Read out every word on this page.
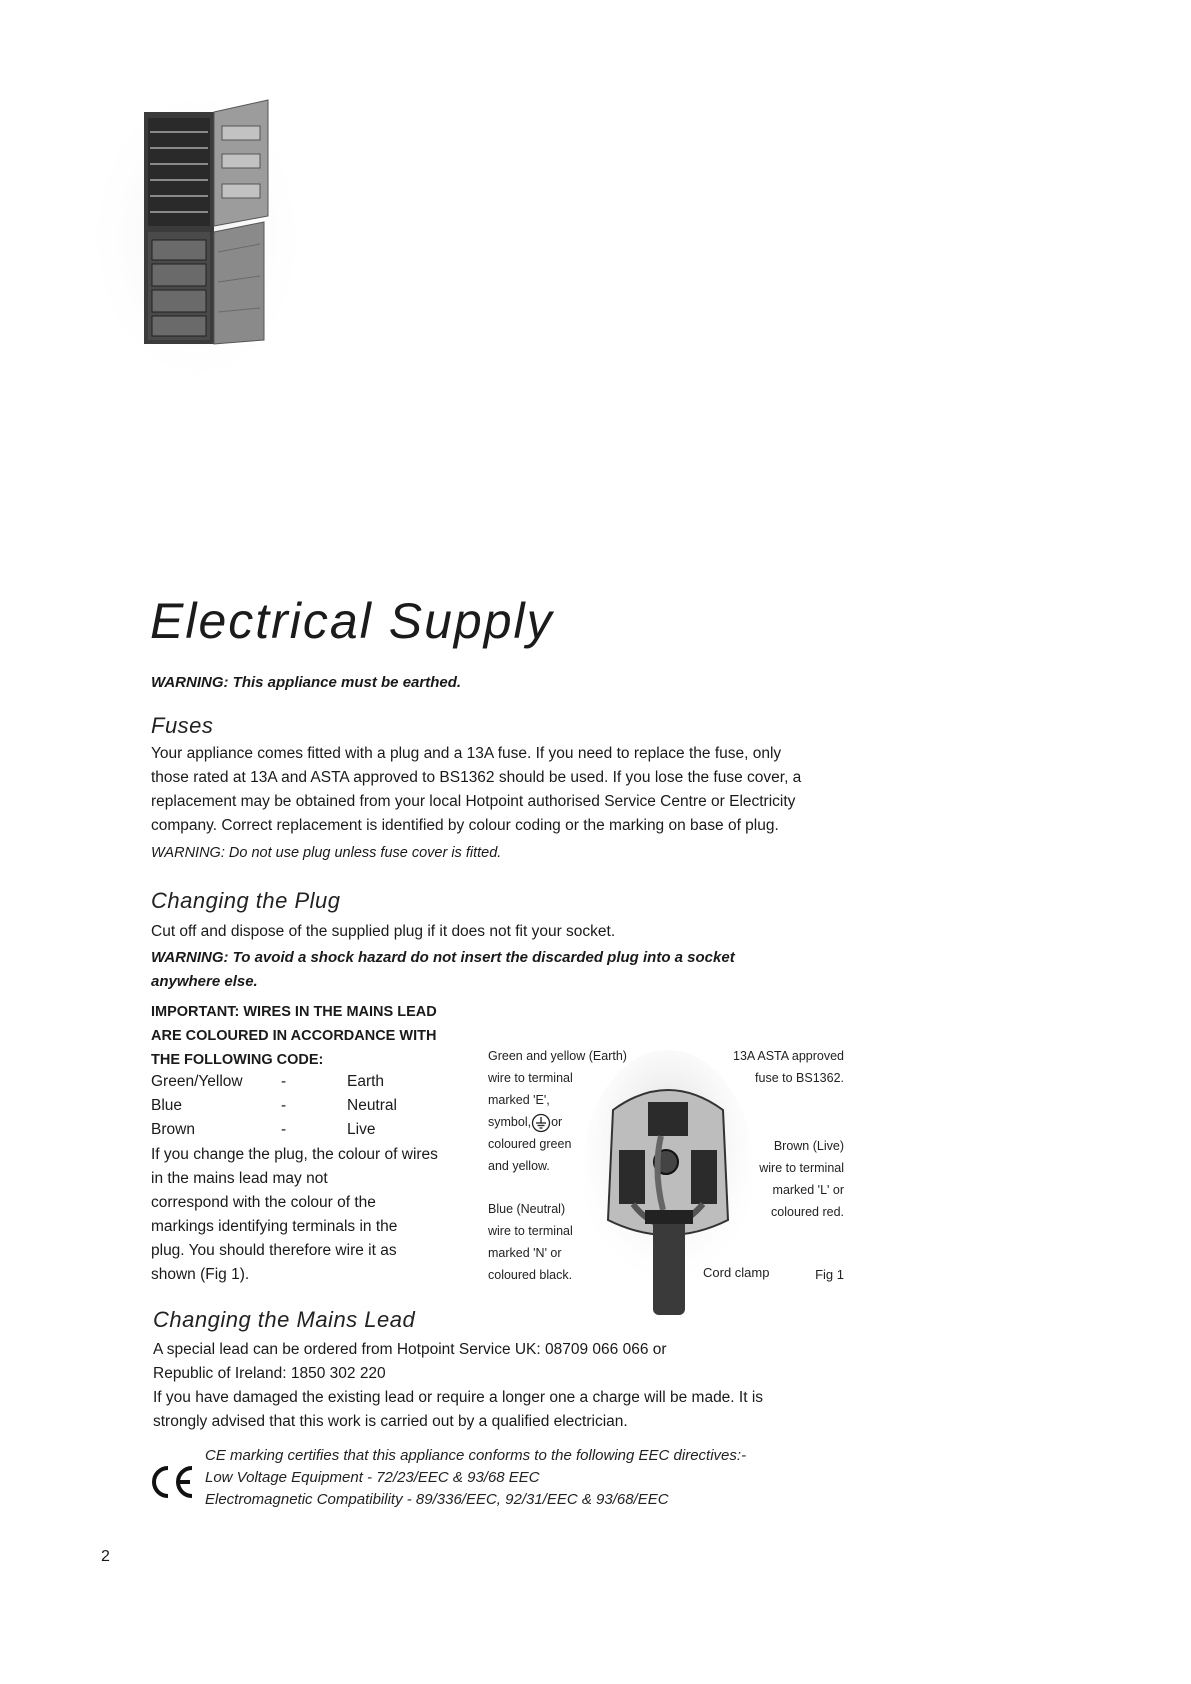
Electrical Supply
WARNING: This appliance must be earthed.
Fuses

Your appliance comes fitted with a plug and a 13A fuse. If you need to replace the fuse, only

those rated at 13A and ASTA approved to BS1362 should be used. If you lose the fuse cover, a

replacement may be obtained from your local Hotpoint authorised Service Centre or Electricity

company. Correct replacement is identified by colour coding or the marking on base of plug.

WARNING: Do not use plug unless fuse cover is fitted.
Changing the Plug
Cut off and dispose of the supplied plug if it does not fit your socket.

WARNING: To avoid a shock hazard do not insert the discarded plug into a socket

anywhere else.

IMPORTANT: WIRES IN THE MAINS LEAD

ARE COLOURED IN ACCORDANCE WITH

THE FOLLOWING CODE:

Green/Yellow	-	Earth
Blue	-	Neutral
Brown	-	Live

If you change the plug, the colour of wires

in the mains lead may not

correspond with the colour of the

markings identifying terminals in the

plug. You should therefore wire it as

shown (Fig 1).

Green and yellow (Earth)

wire to terminal

marked 'E',

symbol, or

coloured green

and yellow.

Blue (Neutral)

wire to terminal

marked 'N' or

coloured black.

13A ASTA approved

fuse to BS1362.

Brown (Live)

wire to terminal

marked 'L' or

coloured red.

Cord clamp	Fig 1
Changing the Mains Lead

A special lead can be ordered from Hotpoint Service UK: 08709 066 066 or

Republic of Ireland: 1850 302 220

If you have damaged the existing lead or require a longer one a charge will be made. It is

strongly advised that this work is carried out by a qualified electrician.

CE marking certifies that this appliance conforms to the following EEC directives:-

Low Voltage Equipment - 72/23/EEC & 93/68 EEC

Electromagnetic Compatibility - 89/336/EEC, 92/31/EEC & 93/68/EEC

2
